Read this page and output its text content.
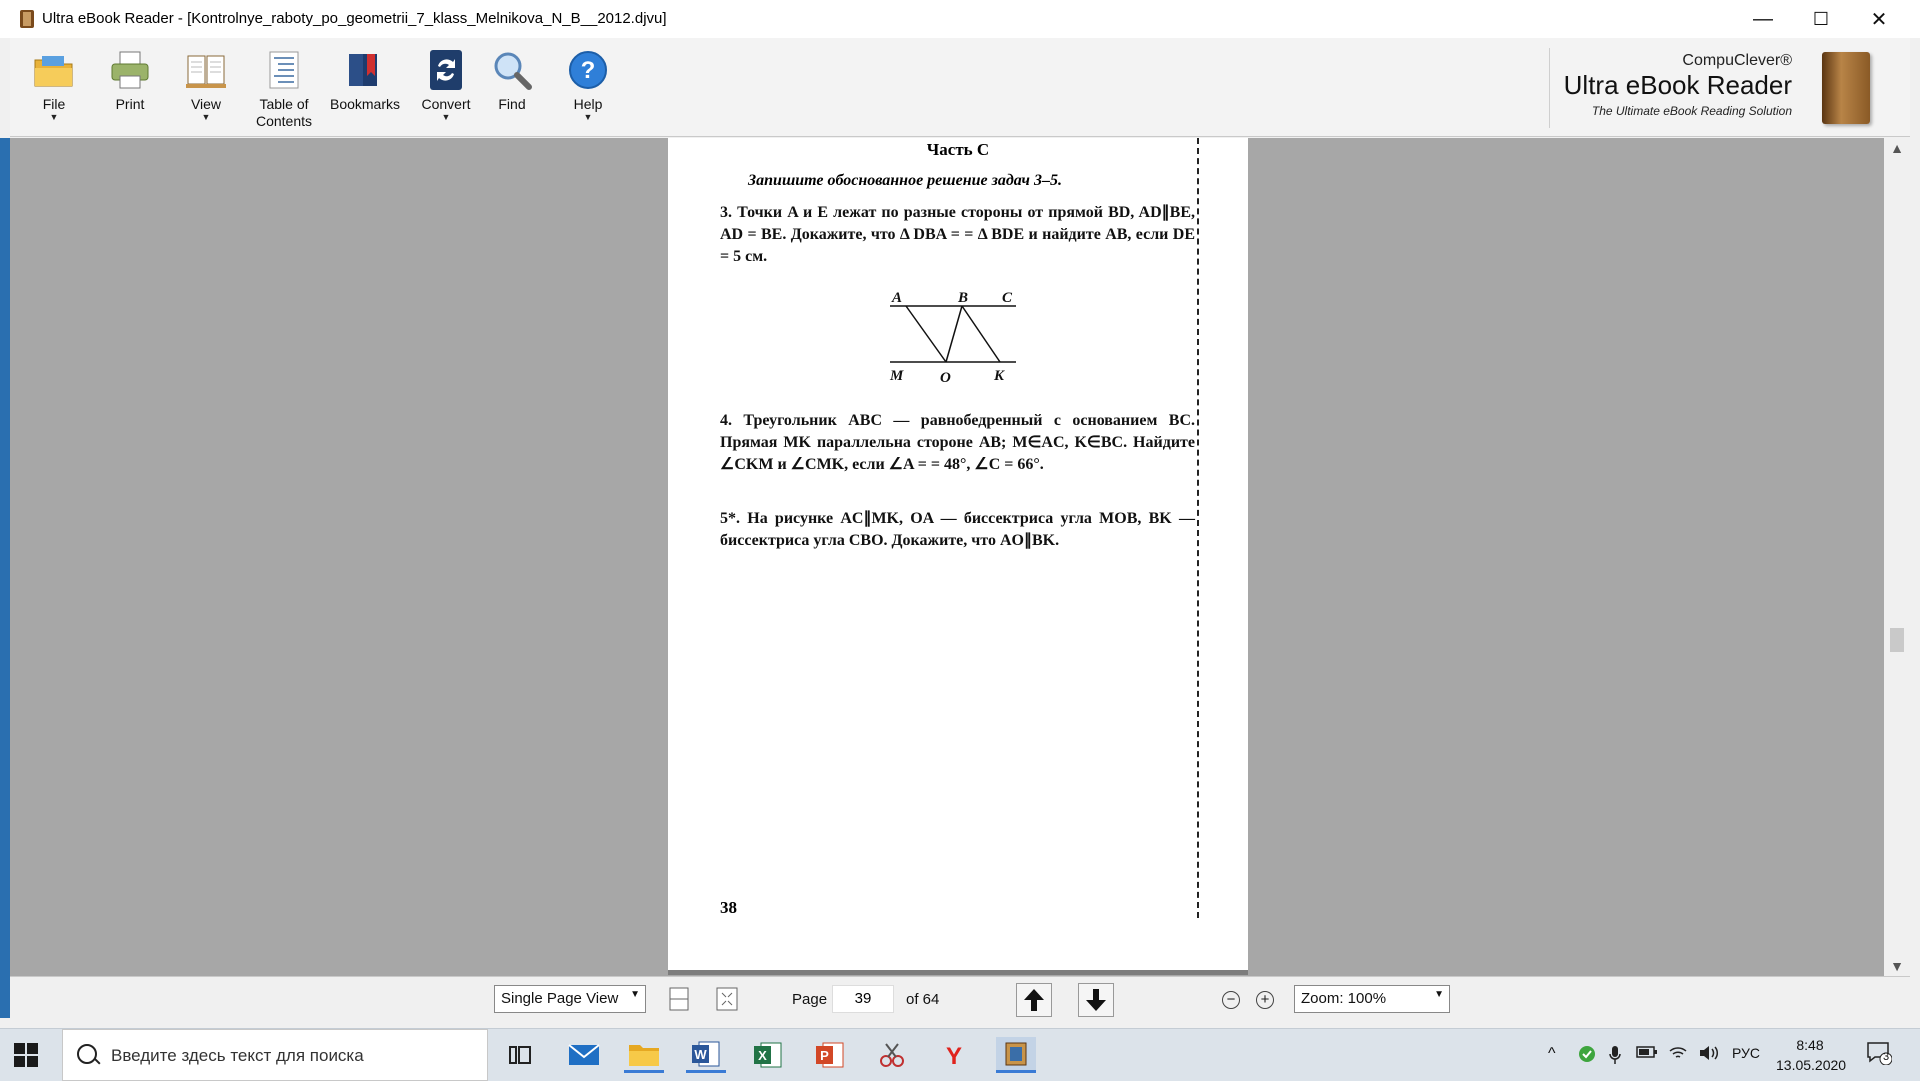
Ultra eBook Reader - [Kontrolnye_raboty_po_geometrii_7_klass_Melnikova_N_B__2012.djvu]	—	☐	✕
File
▼
Print	View
▼
Table of
Contents
Bookmarks	Convert
▼
Find
?
Help
▼
CompuClever®
Ultra eBook Reader
The Ultimate eBook Reading Solution
Часть С
Запишите обоснованное решение задач 3–5.
3. Точки A и E лежат по разные стороны от прямой BD, AD∥BE, AD = BE. Докажите, что Δ DBA = = Δ BDE и найдите AB, если DE = 5 см.
A	B C
M O	K
4. Треугольник ABC — равнобедренный с основанием BC. Прямая MK параллельна стороне AB; M∈AC, K∈BC. Найдите ∠CKM и ∠CMK, если ∠A = = 48°, ∠C = 66°.
5*. На рисунке AC∥MK, OA — биссектриса угла MOB, BK — биссектриса угла CBO. Докажите, что AO∥BK.
38
▲
▼
Single Page View ▼	Page	39	of 64	−	+	Zoom: 100%	▼
Введите здесь текст для поиска	W	X	P	Y	^	РУС	8:48
13.05.2020	3
